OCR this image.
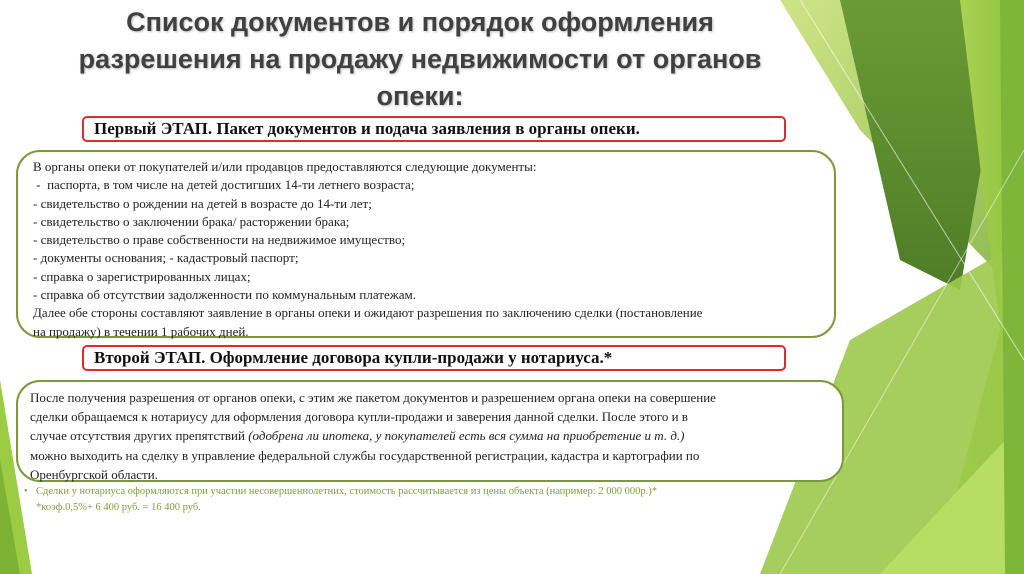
Список документов и порядок оформления
разрешения на продажу недвижимости от органов
опеки:
Первый ЭТАП. Пакет документов и подача заявления в органы опеки.
В органы опеки от покупателей и/или продавцов предоставляются следующие документы:
-  паспорта, в том числе на детей достигших 14-ти летнего возраста;
- свидетельство о рождении на детей в возрасте до 14-ти лет;
- свидетельство о заключении брака/ расторжении брака;
- свидетельство о праве собственности на недвижимое имущество;
- документы основания; - кадастровый паспорт;
- справка о зарегистрированных лицах;
- справка об отсутствии задолженности по коммунальным платежам.
Далее обе стороны составляют заявление в органы опеки и ожидают разрешения по заключению сделки (постановление
на продажу) в течении 1 рабочих дней.
Второй ЭТАП. Оформление договора купли-продажи у нотариуса.*
После получения разрешения от органов опеки, с этим же пакетом документов и разрешением органа опеки на совершение
сделки обращаемся к нотариусу для оформления договора купли-продажи и заверения данной сделки. После этого и в
случае отсутствия других препятствий (одобрена ли ипотека, у покупателей есть вся сумма на приобретение и т. д.)
можно выходить на сделку в управление федеральной службы государственной регистрации, кадастра и картографии по
Оренбургской области.
• Сделки у нотариуса оформляются при участии несовершеннолетних, стоимость рассчитывается из цены объекта (например: 2 000 000р.)*
*коэф.0,5%+ 6 400 руб. = 16 400 руб.
